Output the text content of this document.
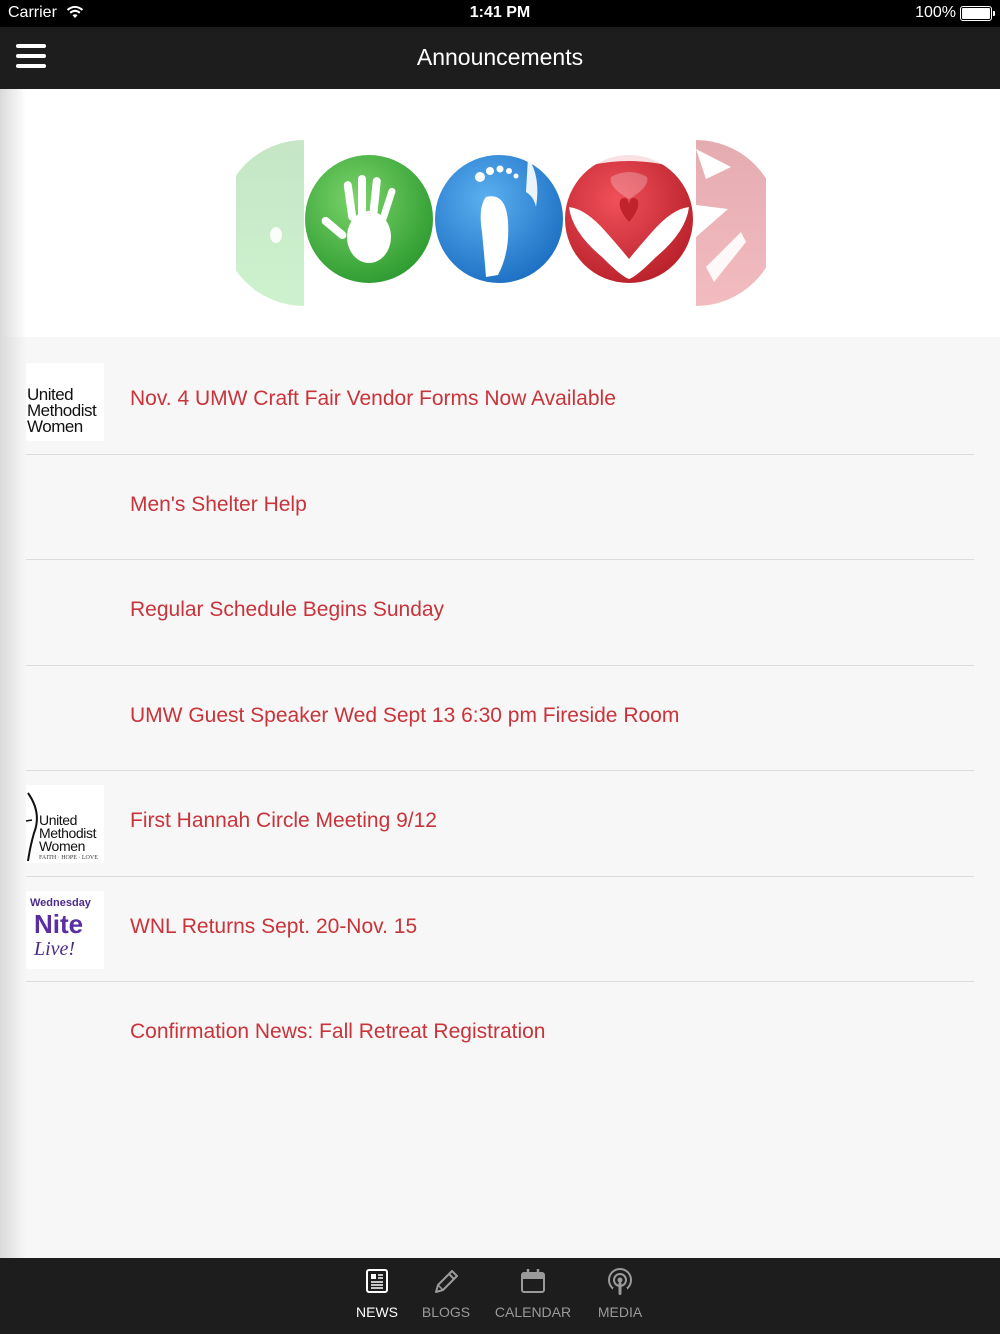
Carrier	1:41 PM	100%
Announcements
United
Methodist
Women
Nov. 4 UMW Craft Fair Vendor Forms Now Available
Men's Shelter Help
Regular Schedule Begins Sunday
UMW Guest Speaker Wed Sept 13 6:30 pm Fireside Room
United
Methodist
Women
FAITH · HOPE · LOVE
First Hannah Circle Meeting 9/12
Wednesday
Nite
Live!
WNL Returns Sept. 20-Nov. 15
Confirmation News: Fall Retreat Registration
NEWS	BLOGS	CALENDAR	MEDIA
